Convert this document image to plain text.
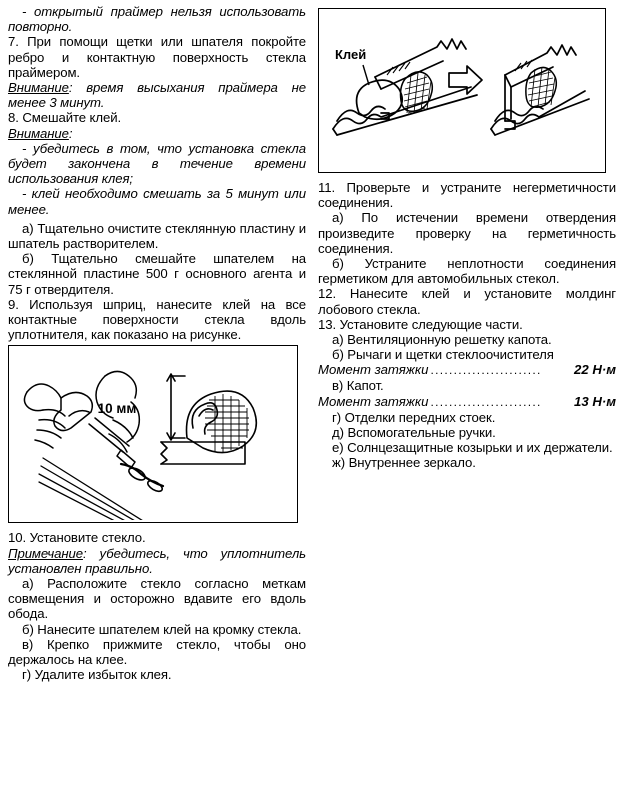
- открытый праймер нельзя использовать повторно.

7. При помощи щетки или шпателя покройте ребро и контактную поверхность стекла праймером.

Внимание: время высыхания праймера не менее 3 минут.

8. Смешайте клей.

Внимание:

- убедитесь в том, что установка стекла будет закончена в течение времени использования клея;

- клей необходимо смешать за 5 минут или менее.

а) Тщательно очистите стеклянную пластину и шпатель растворителем.

б) Тщательно смешайте шпателем на стеклянной пластине 500 г основного агента и 75 г отвердителя.

9. Используя шприц, нанесите клей на все контактные поверхности стекла вдоль уплотнителя, как показано на рисунке.

10 мм

10. Установите стекло.

Примечание: убедитесь, что уплотнитель установлен правильно.

а) Расположите стекло согласно меткам совмещения и осторожно вдавите его вдоль обода.

б) Нанесите шпателем клей на кромку стекла.

в) Крепко прижмите стекло, чтобы оно держалось на клее.

г) Удалите избыток клея.

Клей

11. Проверьте и устраните негерметичности соединения.

а) По истечении времени отвердения произведите проверку на герметичность соединения.

б) Устраните неплотности соединения герметиком для автомобильных стекол.

12. Нанесите клей и установите молдинг лобового стекла.

13. Установите следующие части.

а) Вентиляционную решетку капота.

б) Рычаги и щетки стеклоочистителя

Момент затяжки ........................	22 Н·м

в) Капот.

Момент затяжки ........................	13 Н·м

г) Отделки передних стоек.

д) Вспомогательные ручки.

е) Солнцезащитные козырьки и их держатели.

ж) Внутреннее зеркало.
